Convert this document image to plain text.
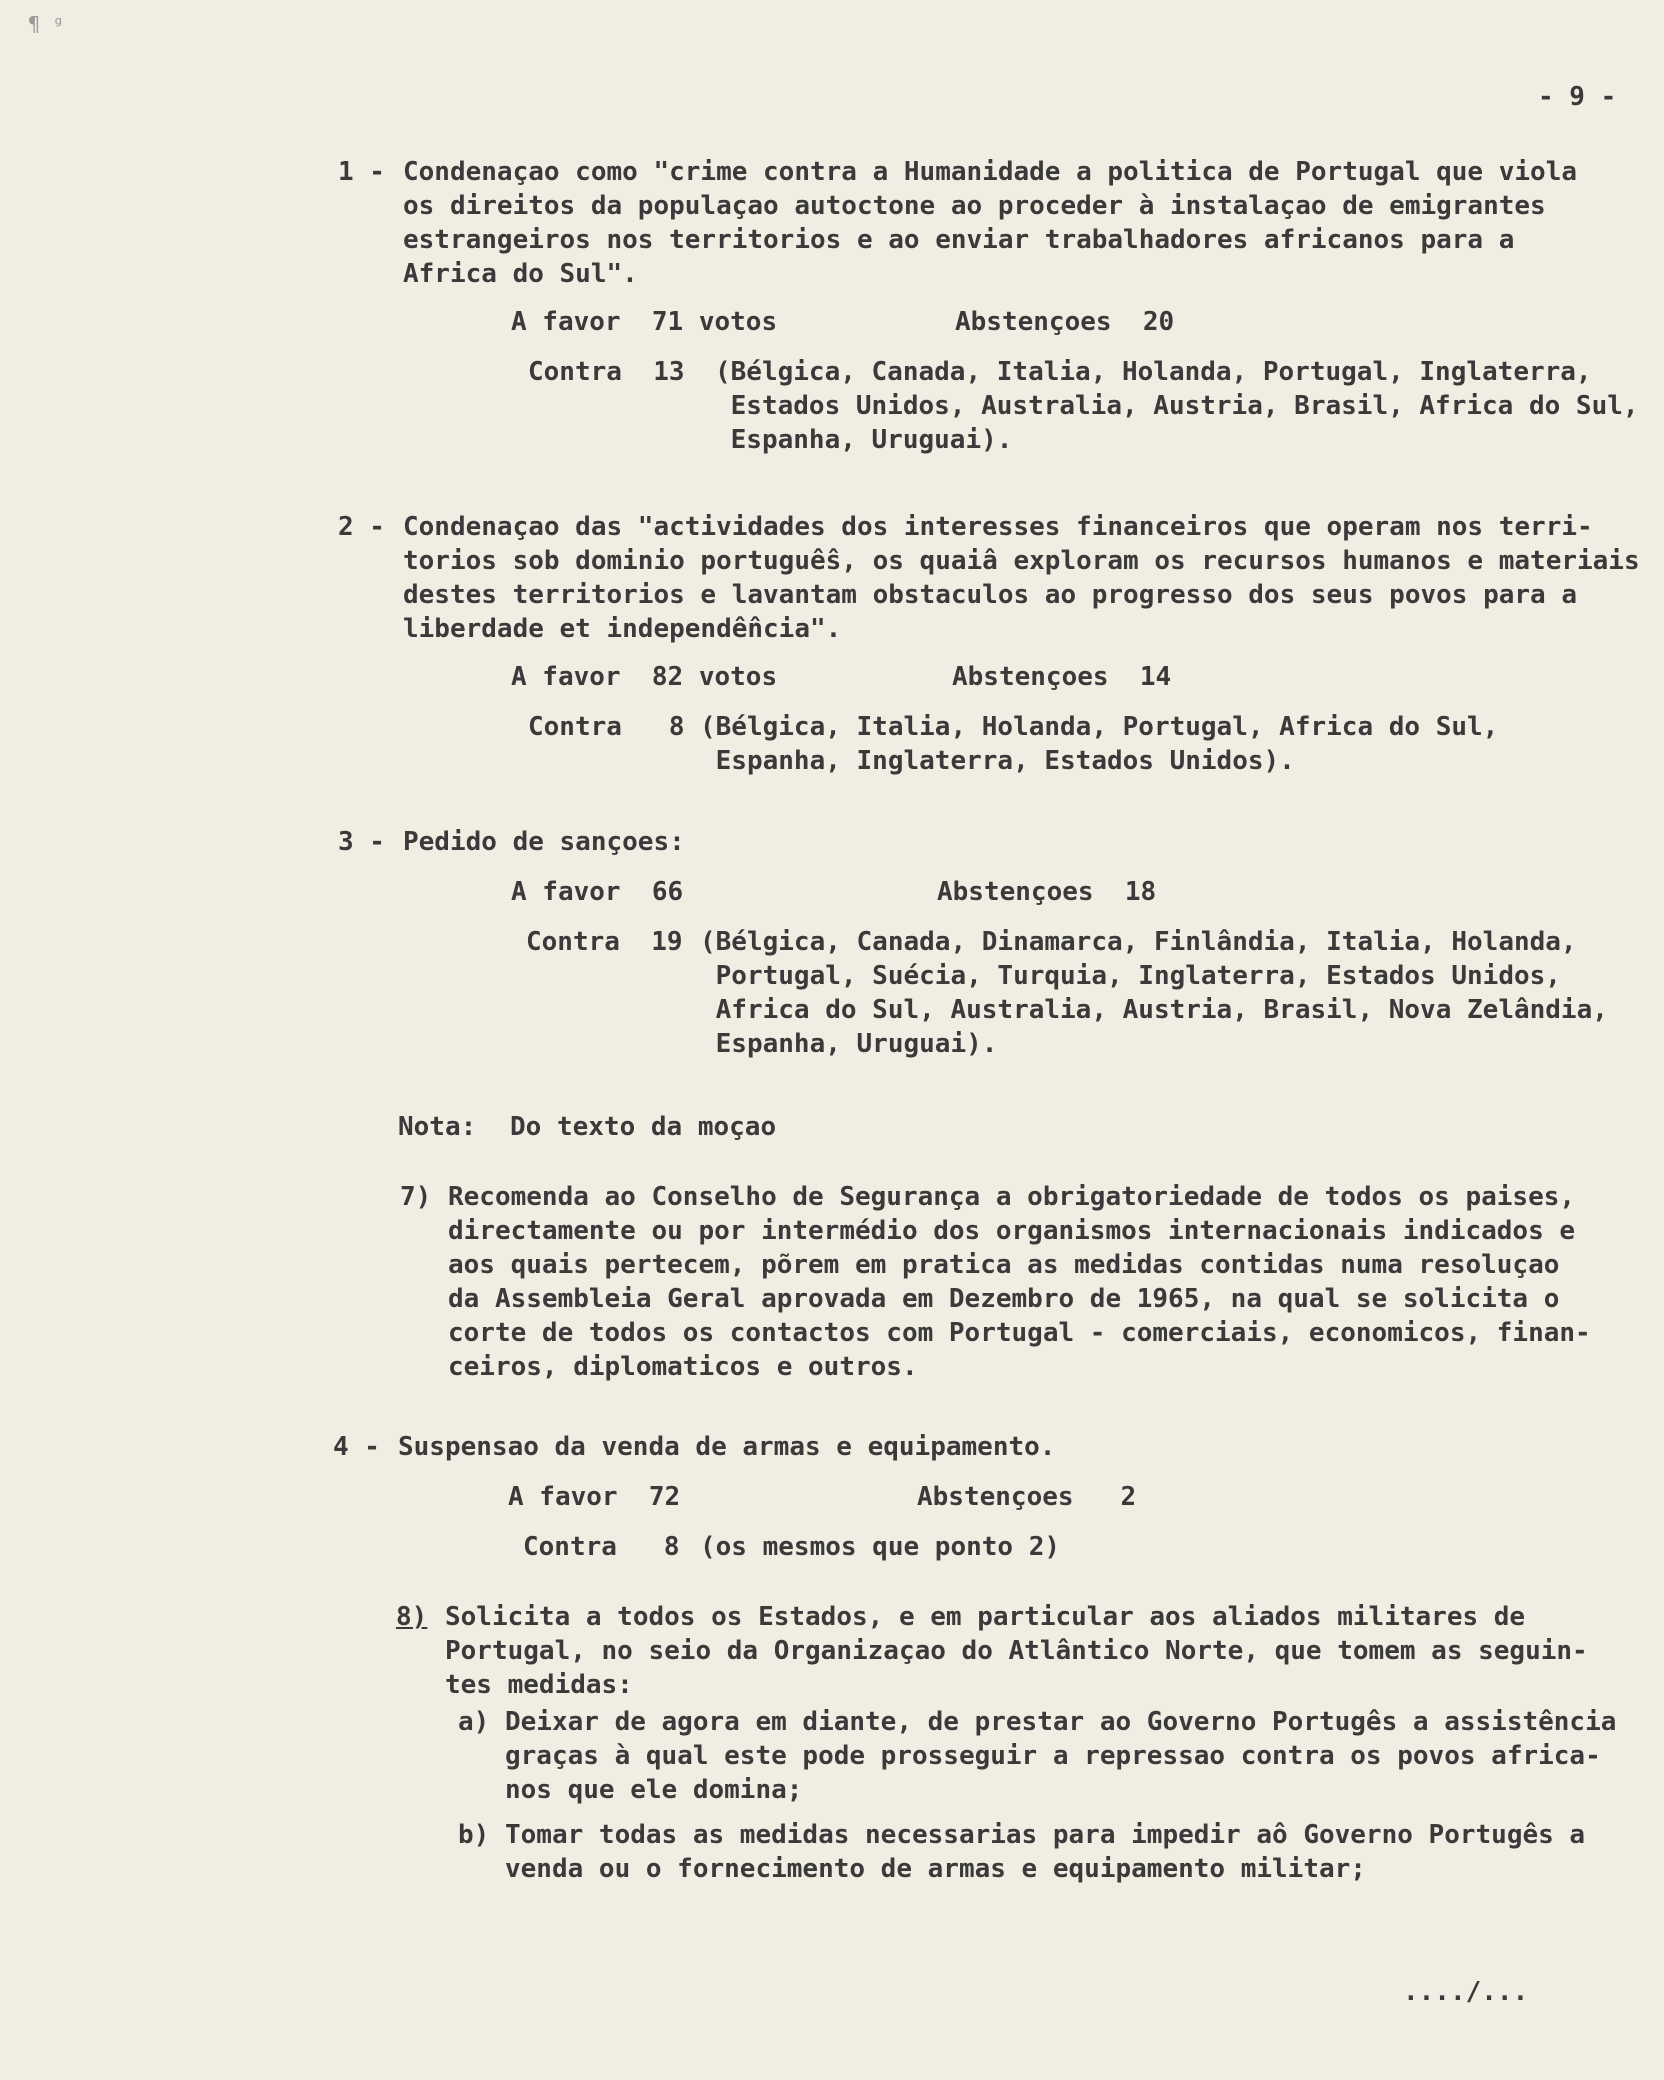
¶ ᵍ
- 9 -
1 - Condenaçao como "crime contra a Humanidade a politica de Portugal que viola
os direitos da populaçao autoctone ao proceder à instalaçao de emigrantes
estrangeiros nos territorios e ao enviar trabalhadores africanos para a
Africa do Sul".
A favor  71 votos	Abstençoes  20
Contra  13 (Bélgica, Canada, Italia, Holanda, Portugal, Inglaterra,
Estados Unidos, Australia, Austria, Brasil, Africa do Sul,
Espanha, Uruguai).
2 - Condenaçao das "actividades dos interesses financeiros que operam nos terri-
torios sob dominio portuguê̂s, os quaiâ exploram os recursos humanos e materiais
destes territorios e lavantam obstaculos ao progresso dos seus povos para a
liberdade et independê̂ncia".
A favor  82 votos	Abstençoes  14
Contra   8 (Bélgica, Italia, Holanda, Portugal, Africa do Sul,
Espanha, Inglaterra, Estados Unidos).
3 - Pedido de sançoes:
A favor  66	Abstençoes  18
Contra  19 (Bélgica, Canada, Dinamarca, Finlândia, Italia, Holanda,
Portugal, Suécia, Turquia, Inglaterra, Estados Unidos,
Africa do Sul, Australia, Austria, Brasil, Nova Zelândia,
Espanha, Uruguai).
Nota: Do texto da moçao
7) Recomenda ao Conselho de Segurança a obrigatoriedade de todos os paises,
directamente ou por intermédio dos organismos internacionais indicados e
aos quais pertecem, põrem em pratica as medidas contidas numa resoluçao
da Assembleia Geral aprovada em Dezembro de 1965, na qual se solicita o
corte de todos os contactos com Portugal - comerciais, economicos, finan-
ceiros, diplomaticos e outros.
4 - Suspensao da venda de armas e equipamento.
A favor  72	Abstençoes   2
Contra   8 (os mesmos que ponto 2)
8) Solicita a todos os Estados, e em particular aos aliados militares de
Portugal, no seio da Organizaçao do Atlântico Norte, que tomem as seguin-
tes medidas:
a) Deixar de agora em diante, de prestar ao Governo Portugês a assistência
graças à qual este pode prosseguir a repressao contra os povos africa-
nos que ele domina;
b) Tomar todas as medidas necessarias para impedir aô Governo Portugês a
venda ou o fornecimento de armas e equipamento militar;
..../...
